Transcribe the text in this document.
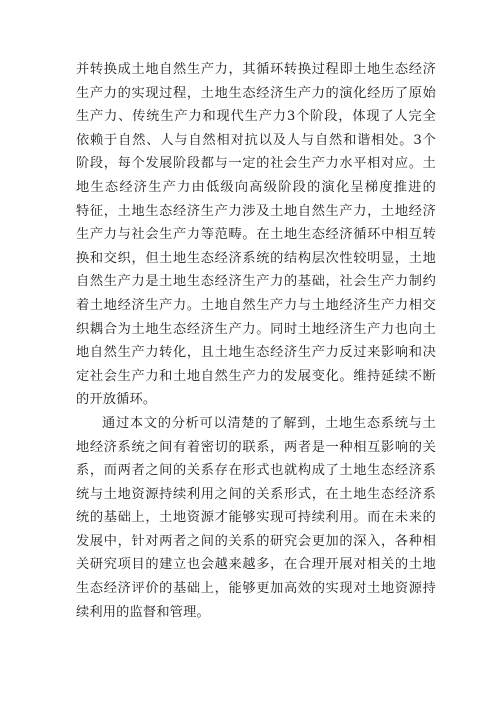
并转换成土地自然生产力，其循环转换过程即土地生态经济
生产力的实现过程，土地生态经济生产力的演化经历了原始
生产力、传统生产力和现代生产力3个阶段，体现了人完全
依赖于自然、人与自然相对抗以及人与自然和谐相处。3个
阶段，每个发展阶段都与一定的社会生产力水平相对应。土
地生态经济生产力由低级向高级阶段的演化呈梯度推进的
特征，土地生态经济生产力涉及土地自然生产力，土地经济
生产力与社会生产力等范畴。在土地生态经济循环中相互转
换和交织，但土地生态经济系统的结构层次性较明显，土地
自然生产力是土地生态经济生产力的基础，社会生产力制约
着土地经济生产力。土地自然生产力与土地经济生产力相交
织耦合为土地生态经济生产力。同时土地经济生产力也向土
地自然生产力转化，且土地生态经济生产力反过来影响和决
定社会生产力和土地自然生产力的发展变化。维持延续不断
的开放循环。
通过本文的分析可以清楚的了解到，土地生态系统与土
地经济系统之间有着密切的联系，两者是一种相互影响的关
系，而两者之间的关系存在形式也就构成了土地生态经济系
统与土地资源持续利用之间的关系形式，在土地生态经济系
统的基础上，土地资源才能够实现可持续利用。而在未来的
发展中，针对两者之间的关系的研究会更加的深入，各种相
关研究项目的建立也会越来越多，在合理开展对相关的土地
生态经济评价的基础上，能够更加高效的实现对土地资源持
续利用的监督和管理。
